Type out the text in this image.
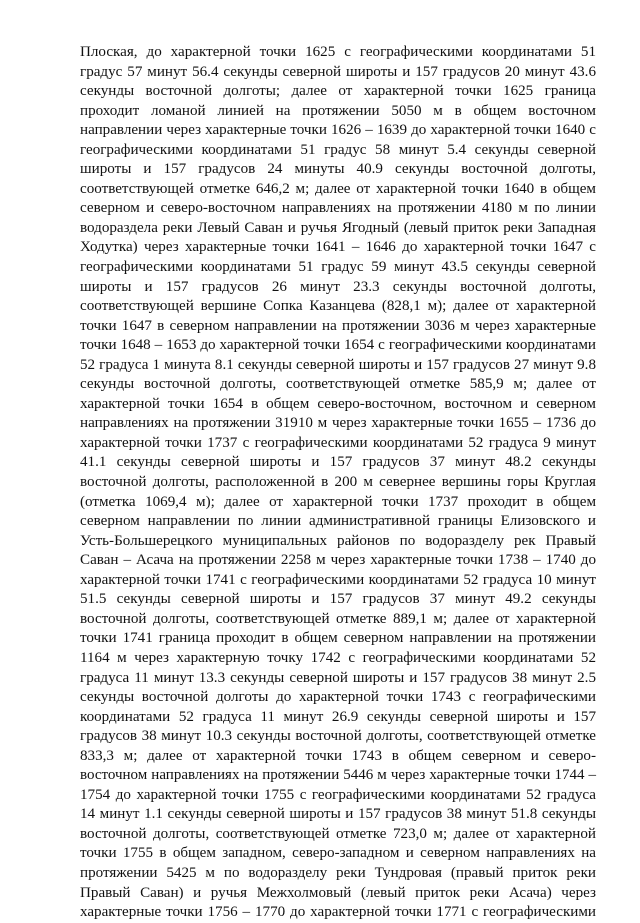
Плоская, до характерной точки 1625 с географическими координатами 51
градус 57 минут 56.4 секунды северной широты и 157 градусов 20 минут 43.6
секунды восточной долготы; далее от характерной точки 1625 граница
проходит ломаной линией на протяжении 5050 м в общем восточном
направлении через характерные точки 1626 – 1639 до характерной точки 1640 с
географическими координатами 51 градус 58 минут 5.4 секунды северной
широты и 157 градусов 24 минуты 40.9 секунды восточной долготы,
соответствующей отметке 646,2 м; далее от характерной точки 1640 в общем
северном и северо-восточном направлениях на протяжении 4180 м по линии
водораздела реки Левый Саван и ручья Ягодный (левый приток реки Западная
Ходутка) через характерные точки 1641 – 1646 до характерной точки 1647 с
географическими координатами 51 градус 59 минут 43.5 секунды северной
широты и 157 градусов 26 минут 23.3 секунды восточной долготы,
соответствующей вершине Сопка Казанцева (828,1 м); далее от характерной
точки 1647 в северном направлении на протяжении 3036 м через характерные
точки 1648 – 1653 до характерной точки 1654 с географическими координатами
52 градуса 1 минута 8.1 секунды северной широты и 157 градусов 27 минут 9.8
секунды восточной долготы, соответствующей отметке 585,9 м; далее от
характерной точки 1654 в общем северо-восточном, восточном и северном
направлениях на протяжении 31910 м через характерные точки 1655 – 1736 до
характерной точки 1737 с географическими координатами 52 градуса 9 минут
41.1 секунды северной широты и 157 градусов 37 минут 48.2 секунды
восточной долготы, расположенной в 200 м севернее вершины горы Круглая
(отметка 1069,4 м); далее от характерной точки 1737 проходит в общем
северном направлении по линии административной границы Елизовского и
Усть-Большерецкого муниципальных районов по водоразделу рек Правый
Саван – Асача на протяжении 2258 м через характерные точки 1738 – 1740 до
характерной точки 1741 с географическими координатами 52 градуса 10 минут
51.5 секунды северной широты и 157 градусов 37 минут 49.2 секунды
восточной долготы, соответствующей отметке 889,1 м; далее от характерной
точки 1741 граница проходит в общем северном направлении на протяжении
1164 м через характерную точку 1742 с географическими координатами 52
градуса 11 минут 13.3 секунды северной широты и 157 градусов 38 минут 2.5
секунды восточной долготы до характерной точки 1743 с географическими
координатами 52 градуса 11 минут 26.9 секунды северной широты и 157
градусов 38 минут 10.3 секунды восточной долготы, соответствующей отметке
833,3 м; далее от характерной точки 1743 в общем северном и северо-
восточном направлениях на протяжении 5446 м через характерные точки 1744 –
1754 до характерной точки 1755 с географическими координатами 52 градуса
14 минут 1.1 секунды северной широты и 157 градусов 38 минут 51.8 секунды
восточной долготы, соответствующей отметке 723,0 м; далее от характерной
точки 1755 в общем западном, северо-западном и северном направлениях на
протяжении 5425 м по водоразделу реки Тундровая (правый приток реки
Правый Саван) и ручья Межхолмовый (левый приток реки Асача) через
характерные точки 1756 – 1770 до характерной точки 1771 с географическими
